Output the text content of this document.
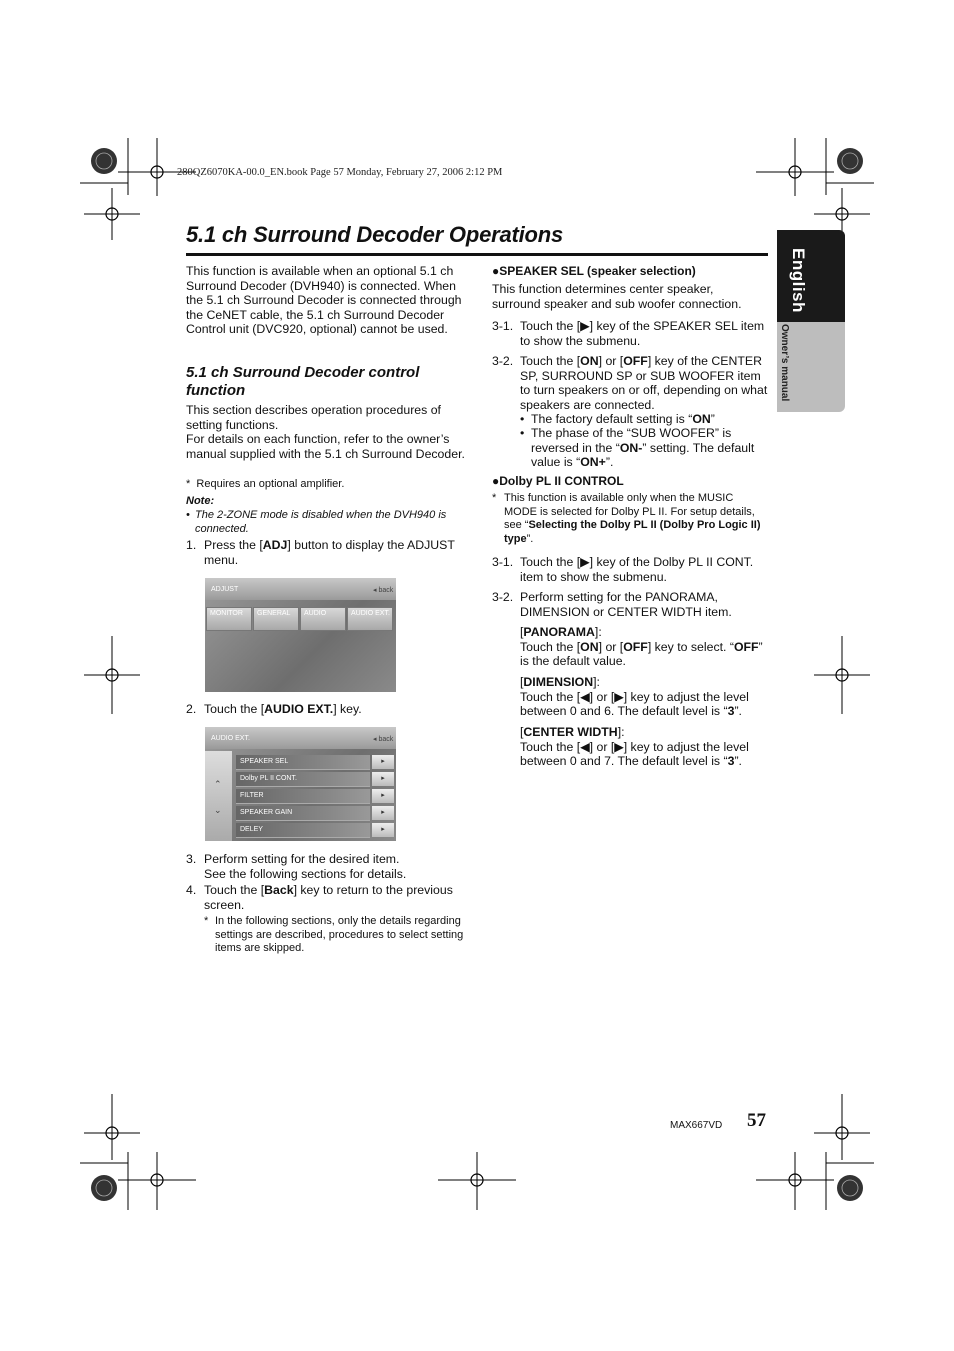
280QZ6070KA-00.0_EN.book Page 57 Monday, February 27, 2006 2:12 PM
5.1 ch Surround Decoder Operations
English
Owner’s manual
This function is available when an optional 5.1 ch Surround Decoder (DVH940) is connected. When the 5.1 ch Surround Decoder is connected through the CeNET cable, the 5.1 ch Surround Decoder Control unit (DVC920, optional) cannot be used.
5.1 ch Surround Decoder control function
This section describes operation procedures of setting functions.
For details on each function, refer to the owner’s manual supplied with the 5.1 ch Surround Decoder.
*  Requires an optional amplifier.
Note:
• The 2-ZONE mode is disabled when the DVH940 is connected.
1. Press the [ADJ] button to display the ADJUST menu.
ADJUST	◂ back
MONITOR	GENERAL	AUDIO	AUDIO EXT.
2. Touch the [AUDIO EXT.] key.
AUDIO EXT.	◂ back
⌃
⌄
SPEAKER SEL	▸
Dolby PL II CONT.	▸
FILTER	▸
SPEAKER GAIN	▸
DELEY	▸
3. Perform setting for the desired item.
See the following sections for details.
4. Touch the [Back] key to return to the previous screen.
* In the following sections, only the details regarding settings are described, procedures to select setting items are skipped.
●SPEAKER SEL (speaker selection)
This function determines center speaker, surround speaker and sub woofer connection.
3-1. Touch the [▶] key of the SPEAKER SEL item to show the submenu.
3-2. Touch the [ON] or [OFF] key of the CENTER SP, SURROUND SP or SUB WOOFER item to turn speakers on or off, depending on what speakers are connected.
• The factory default setting is “ON”
• The phase of the “SUB WOOFER” is reversed in the “ON-” setting. The default value is “ON+”.
●Dolby PL II CONTROL
* This function is available only when the MUSIC MODE is selected for Dolby PL II. For setup details, see “Selecting the Dolby PL II (Dolby Pro Logic II) type”.
3-1. Touch the [▶] key of the Dolby PL II CONT. item to show the submenu.
3-2. Perform setting for the PANORAMA, DIMENSION or CENTER WIDTH item.
[PANORAMA]:
Touch the [ON] or [OFF] key to select. “OFF” is the default value.
[DIMENSION]:
Touch the [◀] or [▶] key to adjust the level between 0 and 6. The default level is “3”.
[CENTER WIDTH]:
Touch the [◀] or [▶] key to adjust the level between 0 and 7. The default level is “3”.
MAX667VD 57
